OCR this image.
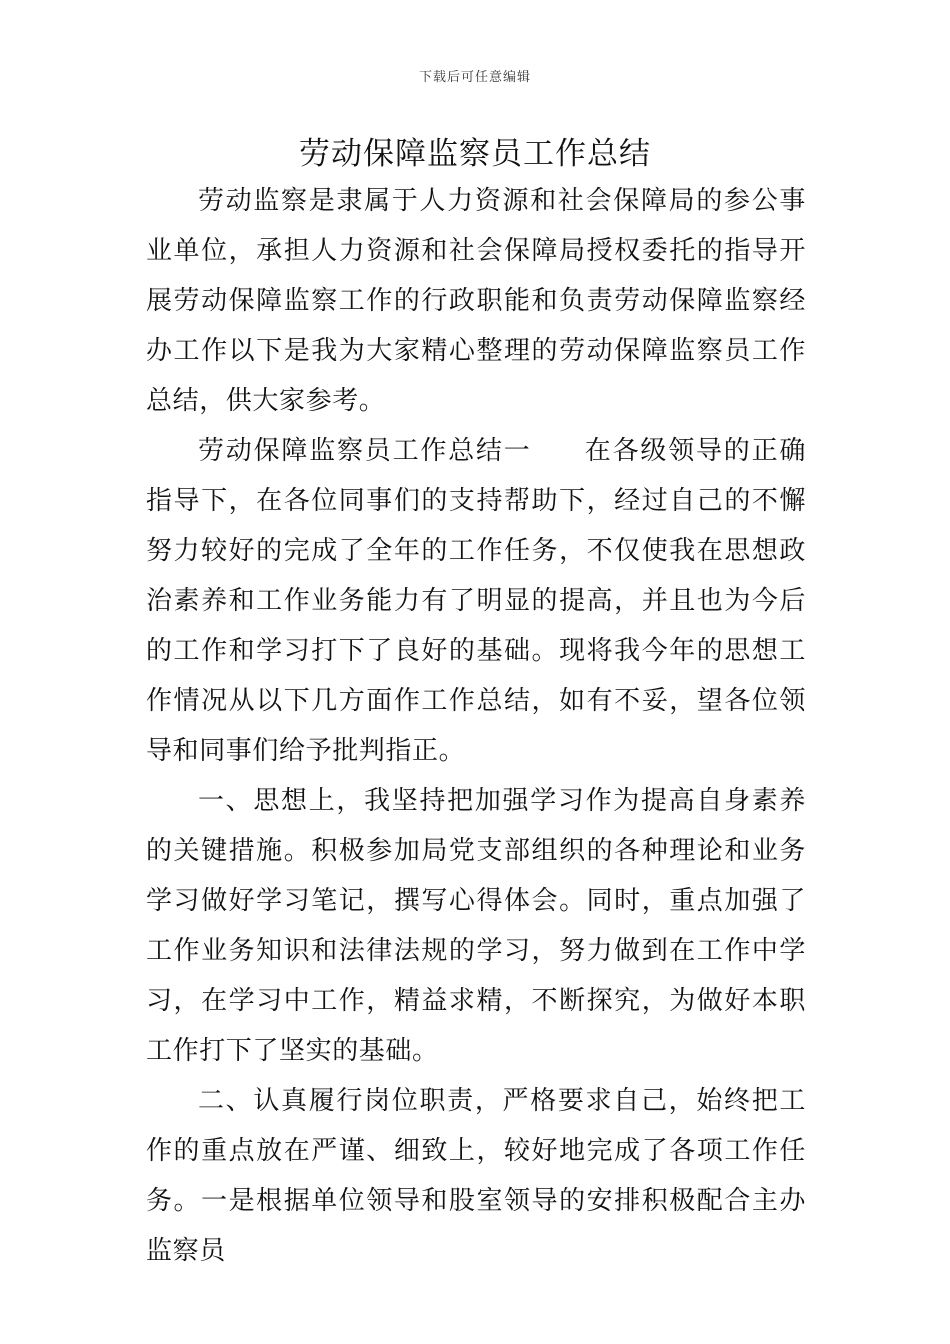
下载后可任意编辑
劳动保障监察员工作总结

劳动监察是隶属于人力资源和社会保障局的参公事业单位，承担人力资源和社会保障局授权委托的指导开展劳动保障监察工作的行政职能和负责劳动保障监察经办工作以下是我为大家精心整理的劳动保障监察员工作总结，供大家参考。

劳动保障监察员工作总结一 在各级领导的正确指导下，在各位同事们的支持帮助下，经过自己的不懈努力较好的完成了全年的工作任务，不仅使我在思想政治素养和工作业务能力有了明显的提高，并且也为今后的工作和学习打下了良好的基础。现将我今年的思想工作情况从以下几方面作工作总结，如有不妥，望各位领导和同事们给予批判指正。

一、思想上，我坚持把加强学习作为提高自身素养的关键措施。积极参加局党支部组织的各种理论和业务学习做好学习笔记，撰写心得体会。同时，重点加强了工作业务知识和法律法规的学习，努力做到在工作中学习，在学习中工作，精益求精，不断探究，为做好本职工作打下了坚实的基础。

二、认真履行岗位职责，严格要求自己，始终把工作的重点放在严谨、细致上，较好地完成了各项工作任务。一是根据单位领导和股室领导的安排积极配合主办监察员
